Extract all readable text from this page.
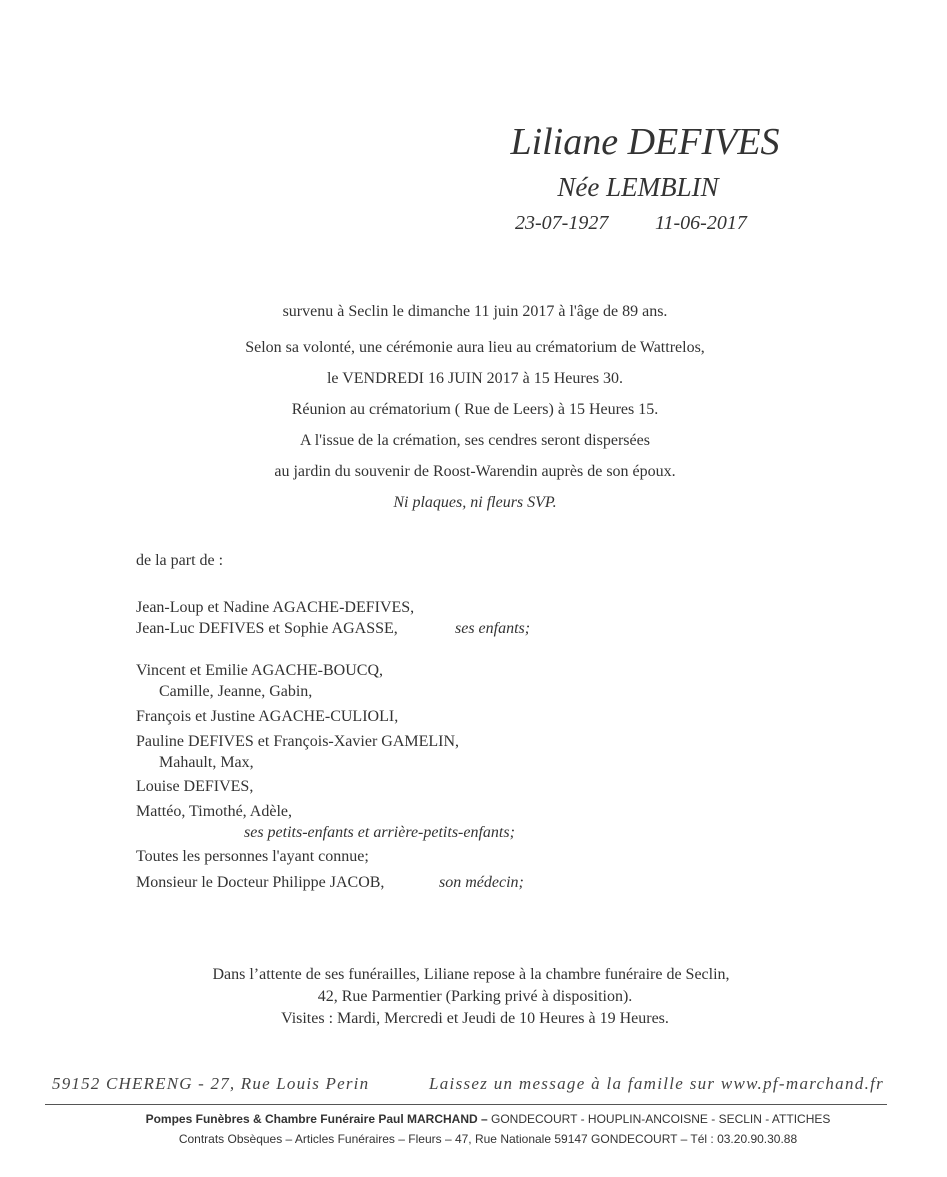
Liliane DEFIVES
Née LEMBLIN
23-07-1927 11-06-2017
survenu à Seclin le dimanche 11 juin 2017 à l'âge de 89 ans.
Selon sa volonté, une cérémonie aura lieu au crématorium de Wattrelos,
le VENDREDI 16 JUIN 2017 à 15 Heures 30.
Réunion au crématorium ( Rue de Leers) à 15 Heures 15.
A l'issue de la crémation, ses cendres seront dispersées
au jardin du souvenir de Roost-Warendin auprès de son époux.
Ni plaques, ni fleurs SVP.
de la part de :
Jean-Loup et Nadine AGACHE-DEFIVES,
Jean-Luc DEFIVES et Sophie AGASSE,	ses enfants;
Vincent et Emilie AGACHE-BOUCQ,
Camille, Jeanne, Gabin,
François et Justine AGACHE-CULIOLI,
Pauline DEFIVES et François-Xavier GAMELIN,
Mahault, Max,
Louise DEFIVES,
Mattéo, Timothé, Adèle,
ses petits-enfants et arrière-petits-enfants;
Toutes les personnes l'ayant connue;
Monsieur le Docteur Philippe JACOB,	son médecin;
Dans l’attente de ses funérailles, Liliane repose à la chambre funéraire de Seclin,
42, Rue Parmentier (Parking privé à disposition).
Visites : Mardi, Mercredi et Jeudi de 10 Heures à 19 Heures.
59152 CHERENG - 27, Rue Louis Perin	Laissez un message à la famille sur www.pf-marchand.fr
Pompes Funèbres & Chambre Funéraire Paul MARCHAND – GONDECOURT - HOUPLIN-ANCOISNE - SECLIN - ATTICHES
Contrats Obsèques – Articles Funéraires – Fleurs – 47, Rue Nationale 59147 GONDECOURT – Tél : 03.20.90.30.88
